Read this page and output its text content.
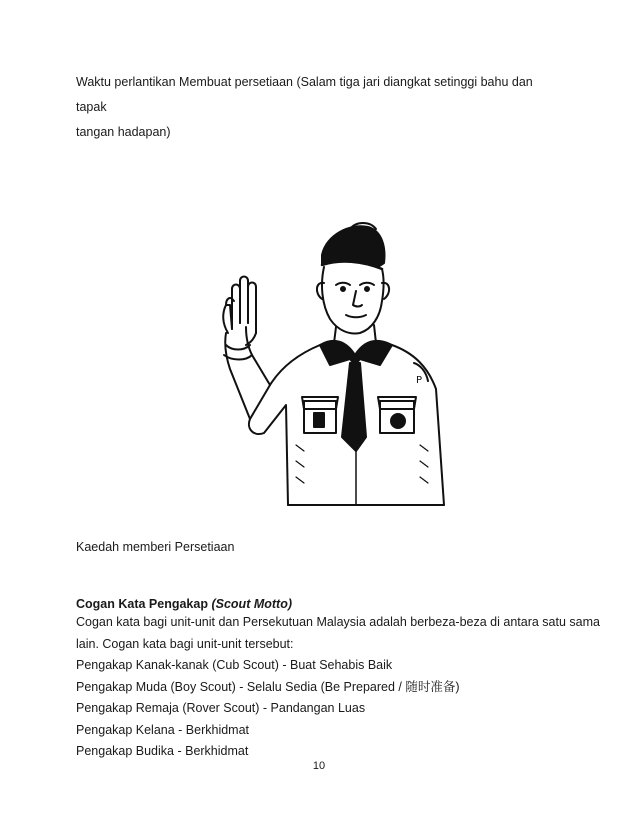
Waktu perlantikan Membuat persetiaan (Salam tiga jari diangkat setinggi bahu dan tapak
tangan hadapan)

P

Kaedah memberi Persetiaan

Cogan Kata Pengakap (Scout Motto)

Cogan kata bagi unit-unit dan Persekutuan Malaysia adalah berbeza-beza di antara satu sama
lain. Cogan kata bagi unit-unit tersebut:
Pengakap Kanak-kanak (Cub Scout) - Buat Sehabis Baik
Pengakap Muda (Boy Scout) - Selalu Sedia (Be Prepared / 随时准备)
Pengakap Remaja (Rover Scout) - Pandangan Luas
Pengakap Kelana - Berkhidmat
Pengakap Budika - Berkhidmat
10
